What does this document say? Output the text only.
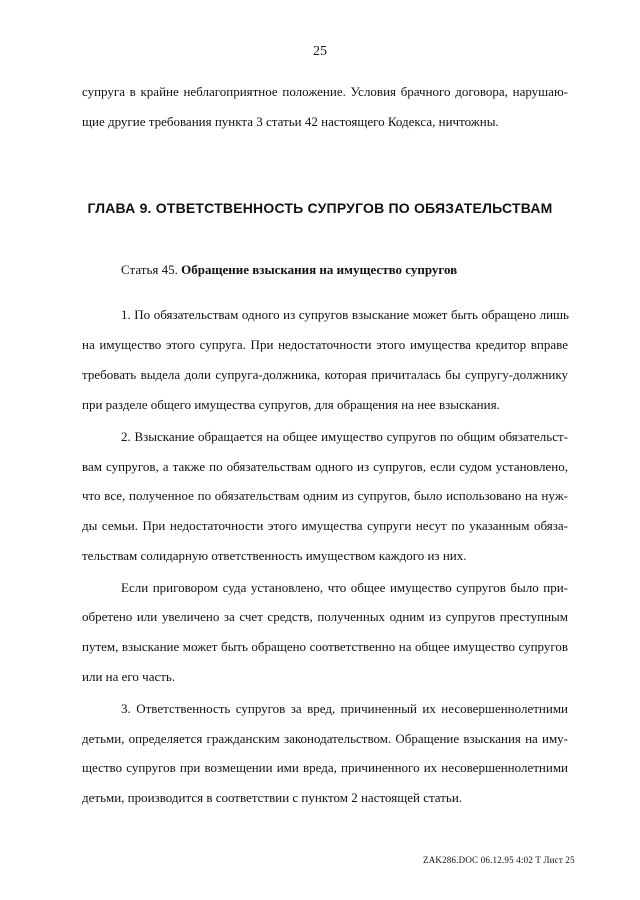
25
супруга в крайне неблагоприятное положение. Условия брачного договора, нарушаю-
щие другие требования пункта 3 статьи 42 настоящего Кодекса, ничтожны.
ГЛАВА 9. ОТВЕТСТВЕННОСТЬ СУПРУГОВ ПО ОБЯЗАТЕЛЬСТВАМ
Статья 45. Обращение взыскания на имущество супругов
1. По обязательствам одного из супругов взыскание может быть обращено лишь
на имущество этого супруга. При недостаточности этого имущества кредитор вправе
требовать выдела доли супруга-должника, которая причиталась бы супругу-должнику
при разделе общего имущества супругов, для обращения на нее взыскания.
2. Взыскание обращается на общее имущество супругов по общим обязательст-
вам супругов, а также по обязательствам одного из супругов, если судом установлено,
что все, полученное по обязательствам одним из супругов, было использовано на нуж-
ды семьи. При недостаточности этого имущества супруги несут по указанным обяза-
тельствам солидарную ответственность имуществом каждого из них.
Если приговором суда установлено, что общее имущество супругов было при-
обретено или увеличено за счет средств, полученных одним из супругов преступным
путем, взыскание может быть обращено соответственно на общее имущество супругов
или на его часть.
3. Ответственность супругов за вред, причиненный их несовершеннолетними
детьми, определяется гражданским законодательством. Обращение взыскания на иму-
щество супругов при возмещении ими вреда, причиненного их несовершеннолетними
детьми, производится в соответствии с пунктом 2 настоящей статьи.
ZAK286.DOC 06.12.95 4:02 T Лист 25
